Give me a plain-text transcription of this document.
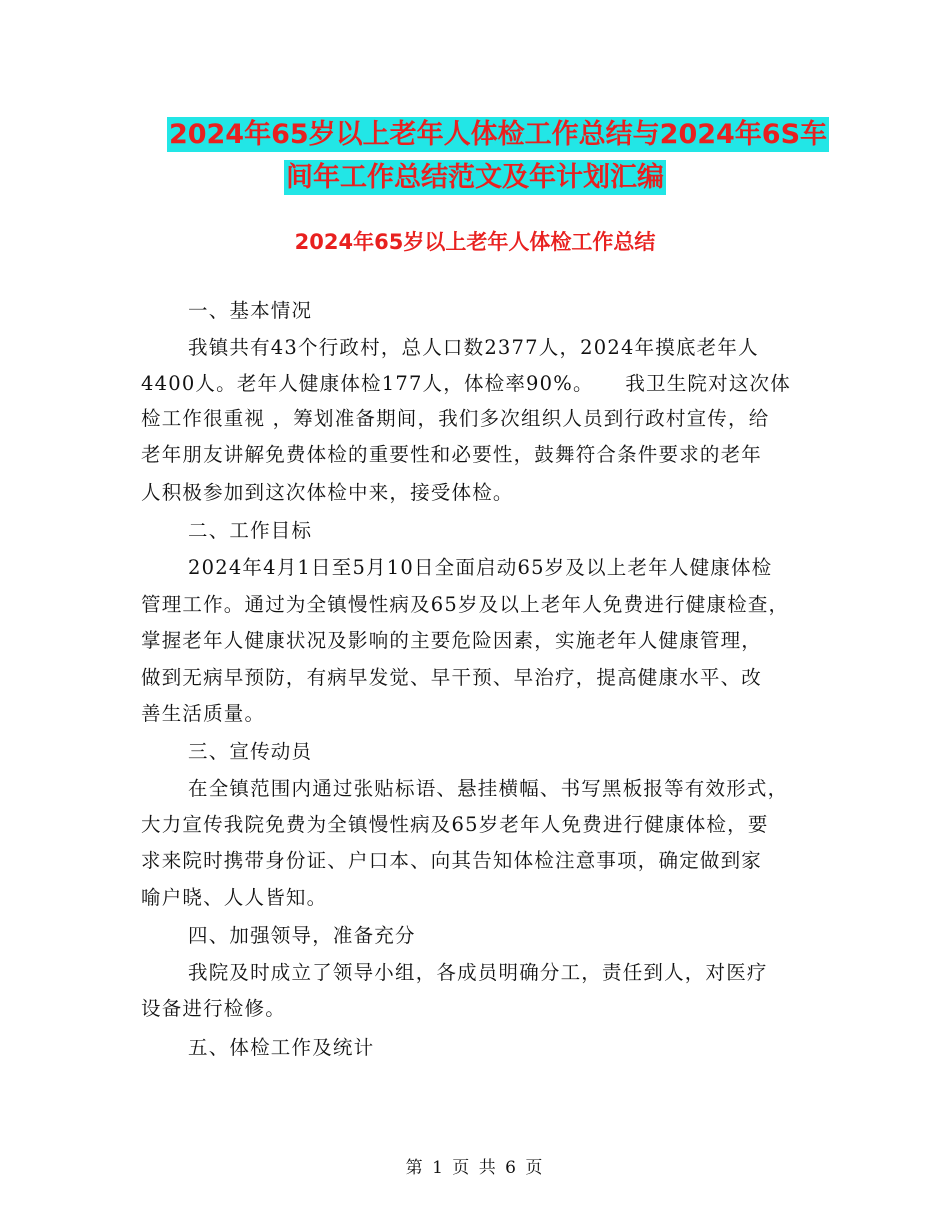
2024年65岁以上老年人体检工作总结与2024年6S车
间年工作总结范文及年计划汇编
2024年65岁以上老年人体检工作总结
一、基本情况
我镇共有43个行政村，总人口数2377人，2024年摸底老年人
4400人。老年人健康体检177人，体检率90%。　　我卫生院对这次体
检工作很重视 ，筹划准备期间，我们多次组织人员到行政村宣传，给
老年朋友讲解免费体检的重要性和必要性，鼓舞符合条件要求的老年
人积极参加到这次体检中来，接受体检。
二、工作目标
2024年4月1日至5月10日全面启动65岁及以上老年人健康体检
管理工作。通过为全镇慢性病及65岁及以上老年人免费进行健康检查，
掌握老年人健康状况及影响的主要危险因素，实施老年人健康管理，
做到无病早预防，有病早发觉、早干预、早治疗，提高健康水平、改
善生活质量。
三、宣传动员
在全镇范围内通过张贴标语、悬挂横幅、书写黑板报等有效形式，
大力宣传我院免费为全镇慢性病及65岁老年人免费进行健康体检，要
求来院时携带身份证、户口本、向其告知体检注意事项，确定做到家
喻户晓、人人皆知。
四、加强领导，准备充分
我院及时成立了领导小组，各成员明确分工，责任到人，对医疗
设备进行检修。
五、体检工作及统计
第 1 页 共 6 页
